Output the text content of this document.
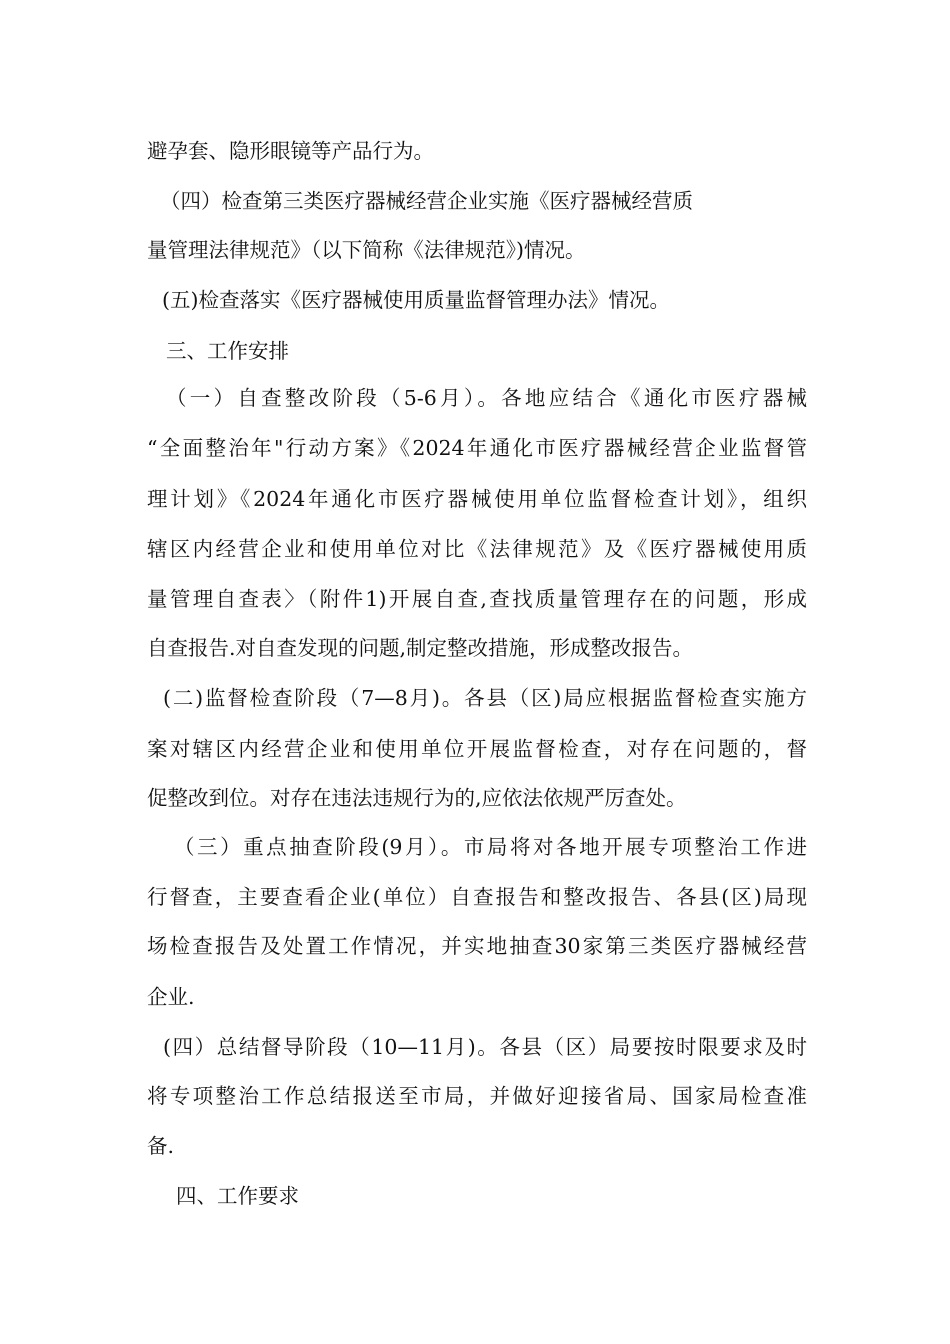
避孕套、隐形眼镜等产品行为。
（四）检查第三类医疗器械经营企业实施《医疗器械经营质
量管理法律规范》（以下简称《法律规范》)情况。
(五)检查落实《医疗器械使用质量监督管理办法》情况。
三、工作安排
（一）自查整改阶段（5-6月）。各地应结合《通化市医疗器械
“全面整治年"行动方案》《2024年通化市医疗器械经营企业监督管
理计划》《2024年通化市医疗器械使用单位监督检查计划》，组织
辖区内经营企业和使用单位对比《法律规范》及《医疗器械使用质
量管理自查表〉（附件1)开展自查,查找质量管理存在的问题，形成
自查报告.对自查发现的问题,制定整改措施，形成整改报告。
(二)监督检查阶段（7—8月)。各县（区)局应根据监督检查实施方
案对辖区内经营企业和使用单位开展监督检查，对存在问题的，督
促整改到位。对存在违法违规行为的,应依法依规严厉查处。
（三）重点抽查阶段(9月）。市局将对各地开展专项整治工作进
行督查，主要查看企业(单位）自查报告和整改报告、各县(区)局现
场检查报告及处置工作情况，并实地抽查30家第三类医疗器械经营
企业.
(四）总结督导阶段（10—11月)。各县（区）局要按时限要求及时
将专项整治工作总结报送至市局，并做好迎接省局、国家局检查准
备.
四、工作要求
